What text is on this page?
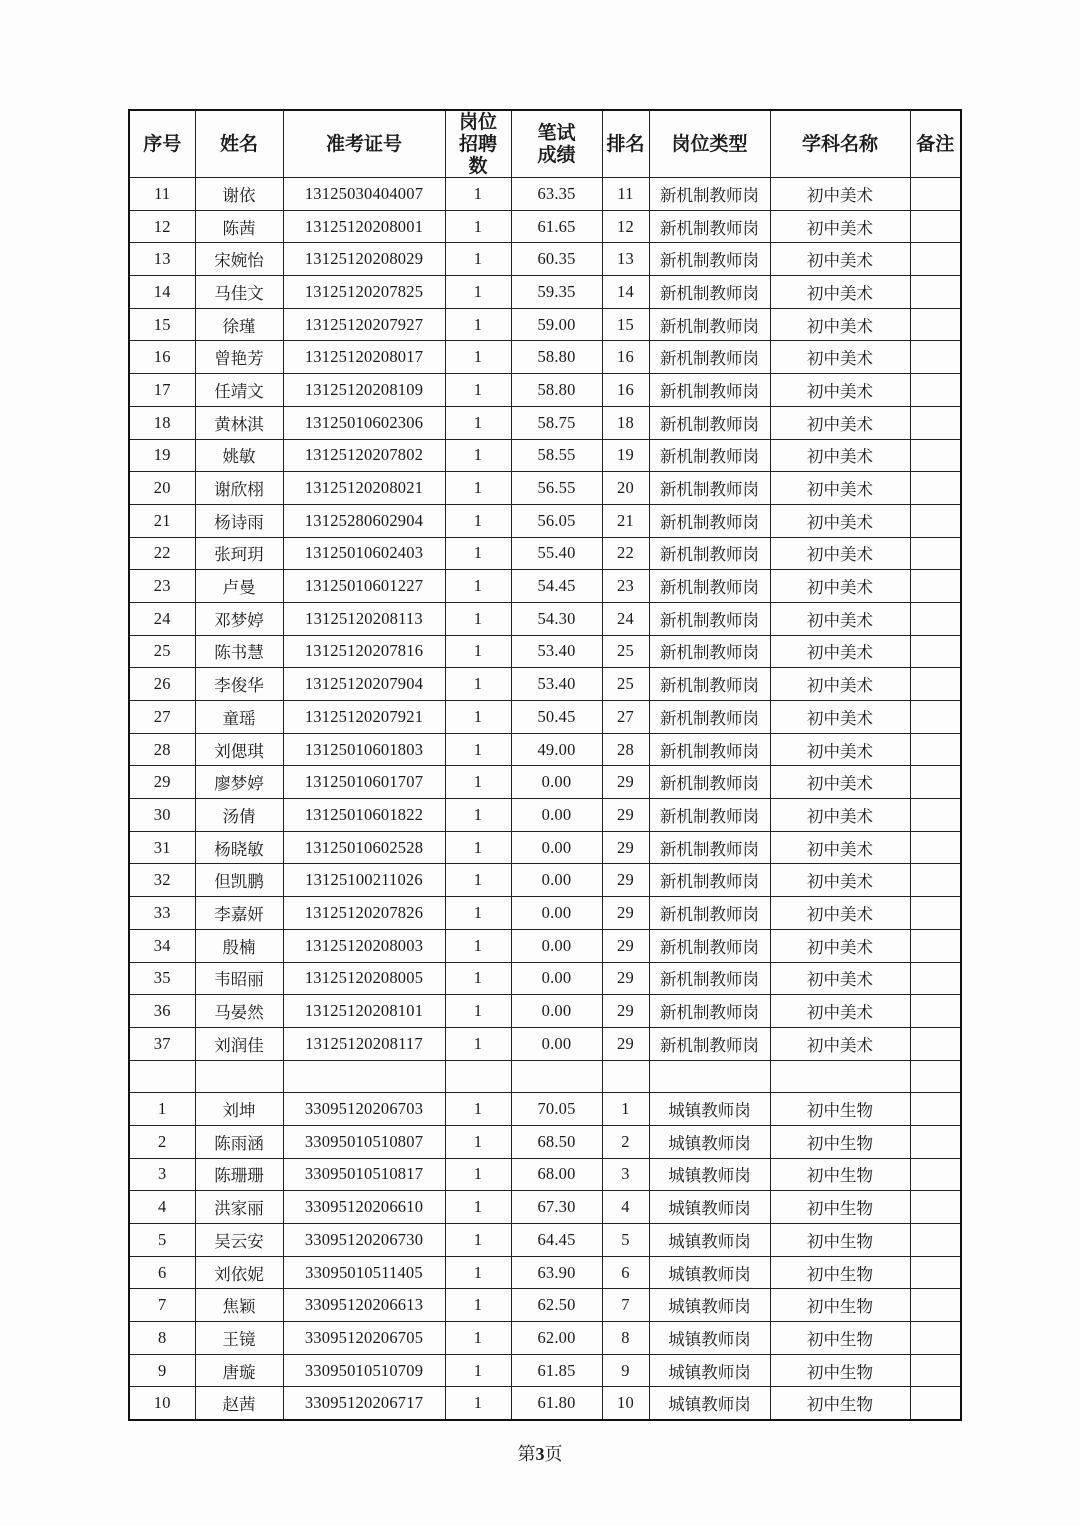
序号	姓名	准考证号	岗位招聘数	笔试成绩	排名	岗位类型	学科名称	备注
11	谢依	13125030404007	1	63.35	11	新机制教师岗	初中美术	
12	陈茜	13125120208001	1	61.65	12	新机制教师岗	初中美术	
13	宋婉怡	13125120208029	1	60.35	13	新机制教师岗	初中美术	
14	马佳文	13125120207825	1	59.35	14	新机制教师岗	初中美术	
15	徐瑾	13125120207927	1	59.00	15	新机制教师岗	初中美术	
16	曾艳芳	13125120208017	1	58.80	16	新机制教师岗	初中美术	
17	任靖文	13125120208109	1	58.80	16	新机制教师岗	初中美术	
18	黄林淇	13125010602306	1	58.75	18	新机制教师岗	初中美术	
19	姚敏	13125120207802	1	58.55	19	新机制教师岗	初中美术	
20	谢欣栩	13125120208021	1	56.55	20	新机制教师岗	初中美术	
21	杨诗雨	13125280602904	1	56.05	21	新机制教师岗	初中美术	
22	张珂玥	13125010602403	1	55.40	22	新机制教师岗	初中美术	
23	卢曼	13125010601227	1	54.45	23	新机制教师岗	初中美术	
24	邓梦婷	13125120208113	1	54.30	24	新机制教师岗	初中美术	
25	陈书慧	13125120207816	1	53.40	25	新机制教师岗	初中美术	
26	李俊华	13125120207904	1	53.40	25	新机制教师岗	初中美术	
27	童瑶	13125120207921	1	50.45	27	新机制教师岗	初中美术	
28	刘偲琪	13125010601803	1	49.00	28	新机制教师岗	初中美术	
29	廖梦婷	13125010601707	1	0.00	29	新机制教师岗	初中美术	
30	汤倩	13125010601822	1	0.00	29	新机制教师岗	初中美术	
31	杨晓敏	13125010602528	1	0.00	29	新机制教师岗	初中美术	
32	但凯鹏	13125100211026	1	0.00	29	新机制教师岗	初中美术	
33	李嘉妍	13125120207826	1	0.00	29	新机制教师岗	初中美术	
34	殷楠	13125120208003	1	0.00	29	新机制教师岗	初中美术	
35	韦昭丽	13125120208005	1	0.00	29	新机制教师岗	初中美术	
36	马晏然	13125120208101	1	0.00	29	新机制教师岗	初中美术	
37	刘润佳	13125120208117	1	0.00	29	新机制教师岗	初中美术	

1	刘坤	33095120206703	1	70.05	1	城镇教师岗	初中生物	
2	陈雨涵	33095010510807	1	68.50	2	城镇教师岗	初中生物	
3	陈珊珊	33095010510817	1	68.00	3	城镇教师岗	初中生物	
4	洪家丽	33095120206610	1	67.30	4	城镇教师岗	初中生物	
5	吴云安	33095120206730	1	64.45	5	城镇教师岗	初中生物	
6	刘依妮	33095010511405	1	63.90	6	城镇教师岗	初中生物	
7	焦颖	33095120206613	1	62.50	7	城镇教师岗	初中生物	
8	王镜	33095120206705	1	62.00	8	城镇教师岗	初中生物	
9	唐璇	33095010510709	1	61.85	9	城镇教师岗	初中生物	
10	赵茜	33095120206717	1	61.80	10	城镇教师岗	初中生物	
第3页
